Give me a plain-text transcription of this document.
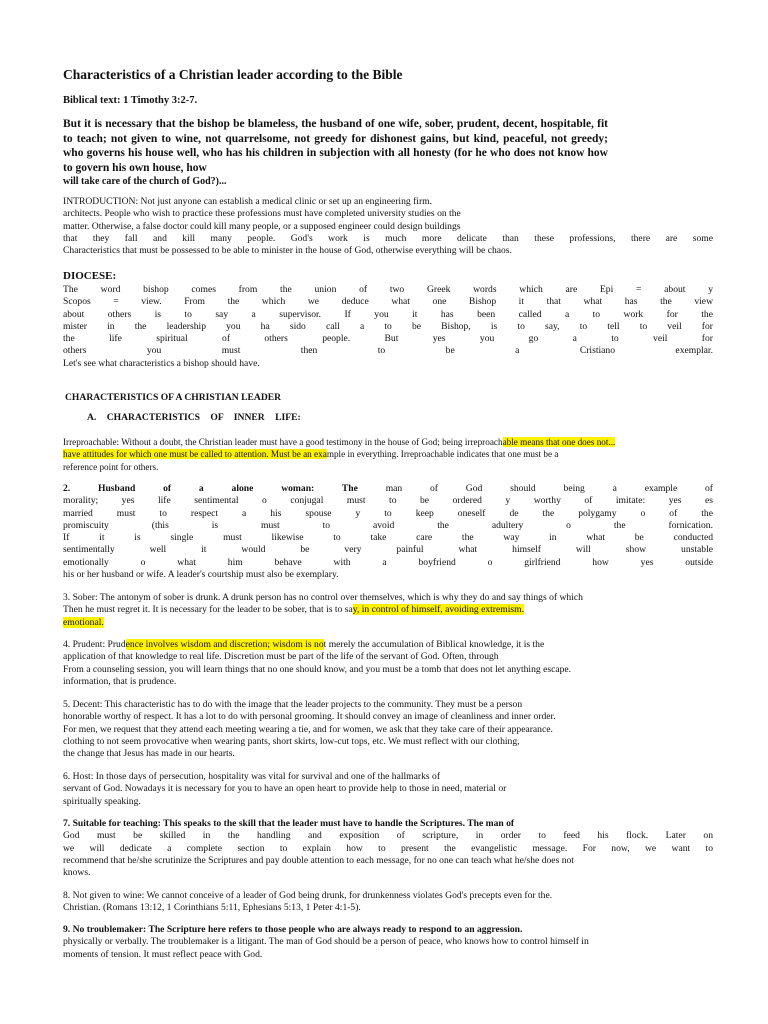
Characteristics of a Christian leader according to the Bible

Biblical text: 1 Timothy 3:2-7.

But it is necessary that the bishop be blameless, the husband of one wife, sober, prudent, decent, hospitable, fit to teach; not given to wine, not quarrelsome, not greedy for dishonest gains, but kind, peaceful, not greedy; who governs his house well, who has his children in subjection with all honesty (for he who does not know how to govern his own house, how
will take care of the church of God?)...

INTRODUCTION: Not just anyone can establish a medical clinic or set up an engineering firm.
architects. People who wish to practice these professions must have completed university studies on the
matter. Otherwise, a false doctor could kill many people, or a supposed engineer could design buildings
that they fall and kill many people. God's work is much more delicate than these professions, there are some
Characteristics that must be possessed to be able to minister in the house of God, otherwise everything will be chaos.

DIOCESE:

The word bishop comes from the union of two Greek words which are Epi = about y
Scopos = view. From the which we deduce what one Bishop it that what has the view
about others is to say a supervisor. If you it has been called a to work for the
mister in the leadership you ha sido call a to be Bishop, is to say, to tell to veil for
the life spiritual of others people. But yes you go a to veil for
others you must then to be a Cristiano exemplar.
Let's see what characteristics a bishop should have.

CHARACTERISTICS OF A CHRISTIAN LEADER

A. CHARACTERISTICS OF INNER LIFE:

Irreproachable: Without a doubt, the Christian leader must have a good testimony in the house of God; being irreproachable means that one does not...
have attitudes for which one must be called to attention. Must be an example in everything. Irreproachable indicates that one must be a
reference point for others.
2. Husband of a alone woman: The	man of God should being a example of
morality; yes life sentimental o conjugal must to be ordered y worthy of imitate: yes es
married must to respect a his spouse y to keep oneself de the polygamy o of the
promiscuity (this is must to avoid the adultery o the fornication.
If it is single must likewise to take care the way in what be conducted
sentimentally well it would be very painful what himself will show unstable
emotionally o what him behave with a boyfriend o girlfriend how yes outside
his or her husband or wife. A leader's courtship must also be exemplary.
3. Sober: The antonym of sober is drunk. A drunk person has no control over themselves, which is why they do and say things of which
Then he must regret it. It is necessary for the leader to be sober, that is to say, in control of himself, avoiding extremism.
emotional.
4. Prudent: Prudence involves wisdom and discretion; wisdom is not merely the accumulation of Biblical knowledge, it is the
application of that knowledge to real life. Discretion must be part of the life of the servant of God. Often, through
From a counseling session, you will learn things that no one should know, and you must be a tomb that does not let anything escape.
information, that is prudence.
5. Decent: This characteristic has to do with the image that the leader projects to the community. They must be a person
honorable worthy of respect. It has a lot to do with personal grooming. It should convey an image of cleanliness and inner order.
For men, we request that they attend each meeting wearing a tie, and for women, we ask that they take care of their appearance.
clothing to not seem provocative when wearing pants, short skirts, low-cut tops, etc. We must reflect with our clothing,
the change that Jesus has made in our hearts.
6. Host: In those days of persecution, hospitality was vital for survival and one of the hallmarks of
servant of God. Nowadays it is necessary for you to have an open heart to provide help to those in need, material or
spiritually speaking.
7. Suitable for teaching: This speaks to the skill that the leader must have to handle the Scriptures. The man of
God must be skilled in the handling and exposition of scripture, in order to feed his flock. Later on
we will dedicate a complete section to explain how to present the evangelistic message. For now, we want to
recommend that he/she scrutinize the Scriptures and pay double attention to each message, for no one can teach what he/she does not
knows.
8. Not given to wine: We cannot conceive of a leader of God being drunk, for drunkenness violates God's precepts even for the.
Christian. (Romans 13:12, 1 Corinthians 5:11, Ephesians 5:13, 1 Peter 4:1-5).
9. No troublemaker: The Scripture here refers to those people who are always ready to respond to an aggression.
physically or verbally. The troublemaker is a litigant. The man of God should be a person of peace, who knows how to control himself in
moments of tension. It must reflect peace with God.
